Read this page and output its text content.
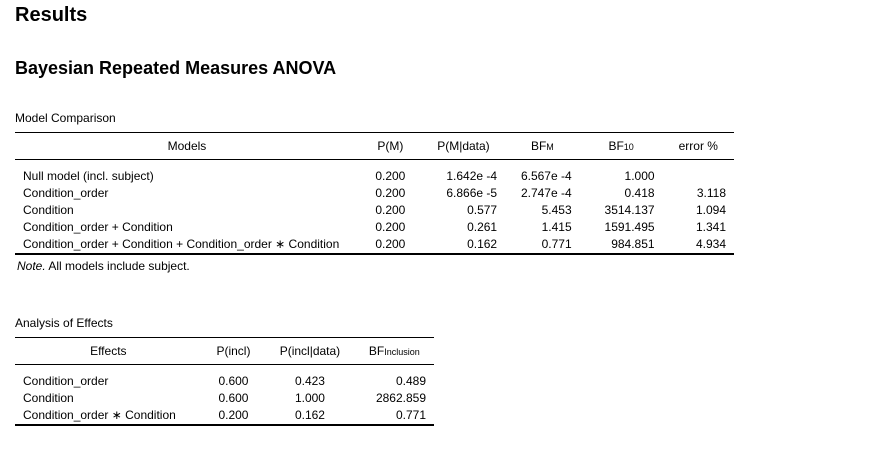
Results
Bayesian Repeated Measures ANOVA
Model Comparison
Models	P(M)	P(M|data)	BFM	BF10	error %
Null model (incl. subject)	0.200	1.642e -4	6.567e -4	1.000	
Condition_order	0.200	6.866e -5	2.747e -4	0.418	3.118
Condition	0.200	0.577	5.453	3514.137	1.094
Condition_order + Condition	0.200	0.261	1.415	1591.495	1.341
Condition_order + Condition + Condition_order ∗ Condition	0.200	0.162	0.771	984.851	4.934
Note. All models include subject.
Analysis of Effects
Effects	P(incl)	P(incl|data)	BFInclusion
Condition_order	0.600	0.423	0.489
Condition	0.600	1.000	2862.859
Condition_order ∗ Condition	0.200	0.162	0.771
